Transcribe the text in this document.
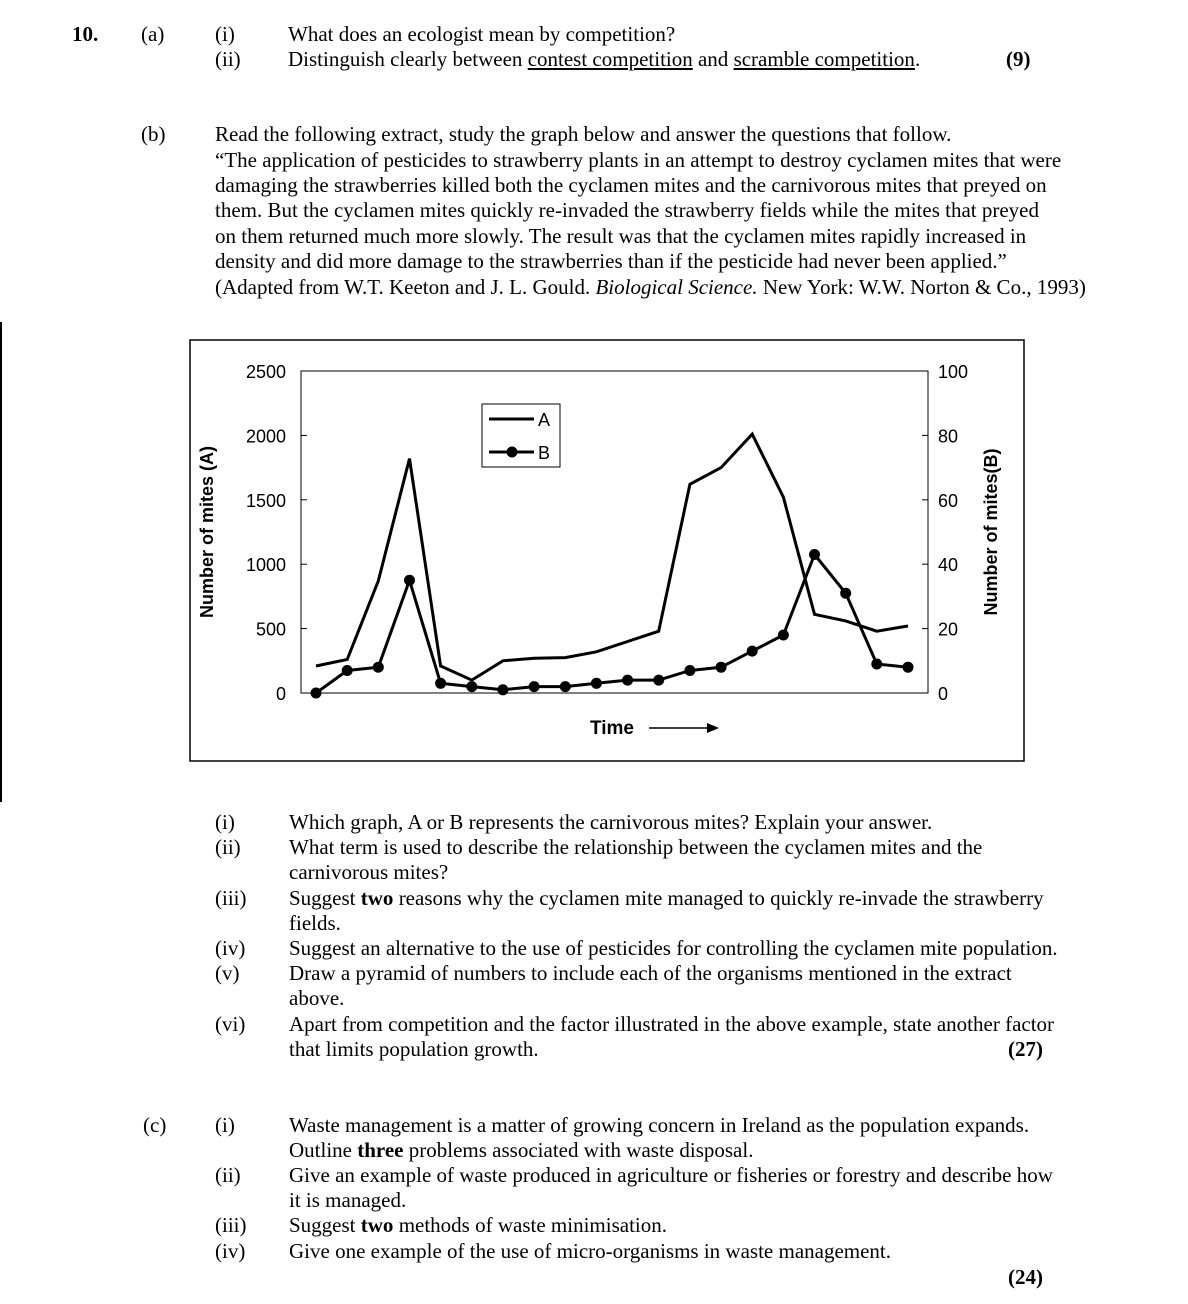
10. (a) (i)	What does an ecologist mean by competition?
(ii) Distinguish clearly between contest competition and scramble competition.	(9)
(b) Read the following extract, study the graph below and answer the questions that follow.
“The application of pesticides to strawberry plants in an attempt to destroy cyclamen mites that were
damaging the strawberries killed both the cyclamen mites and the carnivorous mites that preyed on
them. But the cyclamen mites quickly re-invaded the strawberry fields while the mites that preyed
on them returned much more slowly. The result was that the cyclamen mites rapidly increased in
density and did more damage to the strawberries than if the pesticide had never been applied.”
(Adapted from W.T. Keeton and J. L. Gould. Biological Science. New York: W.W. Norton & Co., 1993)
0
500
1000
1500
2000
2500
0
20
40
60
80
100
Number of mites (A)	Number of mites(B)
Time
A
B
(i)	Which graph, A or B represents the carnivorous mites? Explain your answer.
(ii) What term is used to describe the relationship between the cyclamen mites and the
carnivorous mites?
(iii) Suggest two reasons why the cyclamen mite managed to quickly re-invade the strawberry
fields.
(iv) Suggest an alternative to the use of pesticides for controlling the cyclamen mite population.
(v) Draw a pyramid of numbers to include each of the organisms mentioned in the extract
above.
(vi) Apart from competition and the factor illustrated in the above example, state another factor
that limits population growth.	(27)
(c) (i)	Waste management is a matter of growing concern in Ireland as the population expands.
Outline three problems associated with waste disposal.
(ii) Give an example of waste produced in agriculture or fisheries or forestry and describe how
it is managed.
(iii) Suggest two methods of waste minimisation.
(iv) Give one example of the use of micro-organisms in waste management.
(24)
